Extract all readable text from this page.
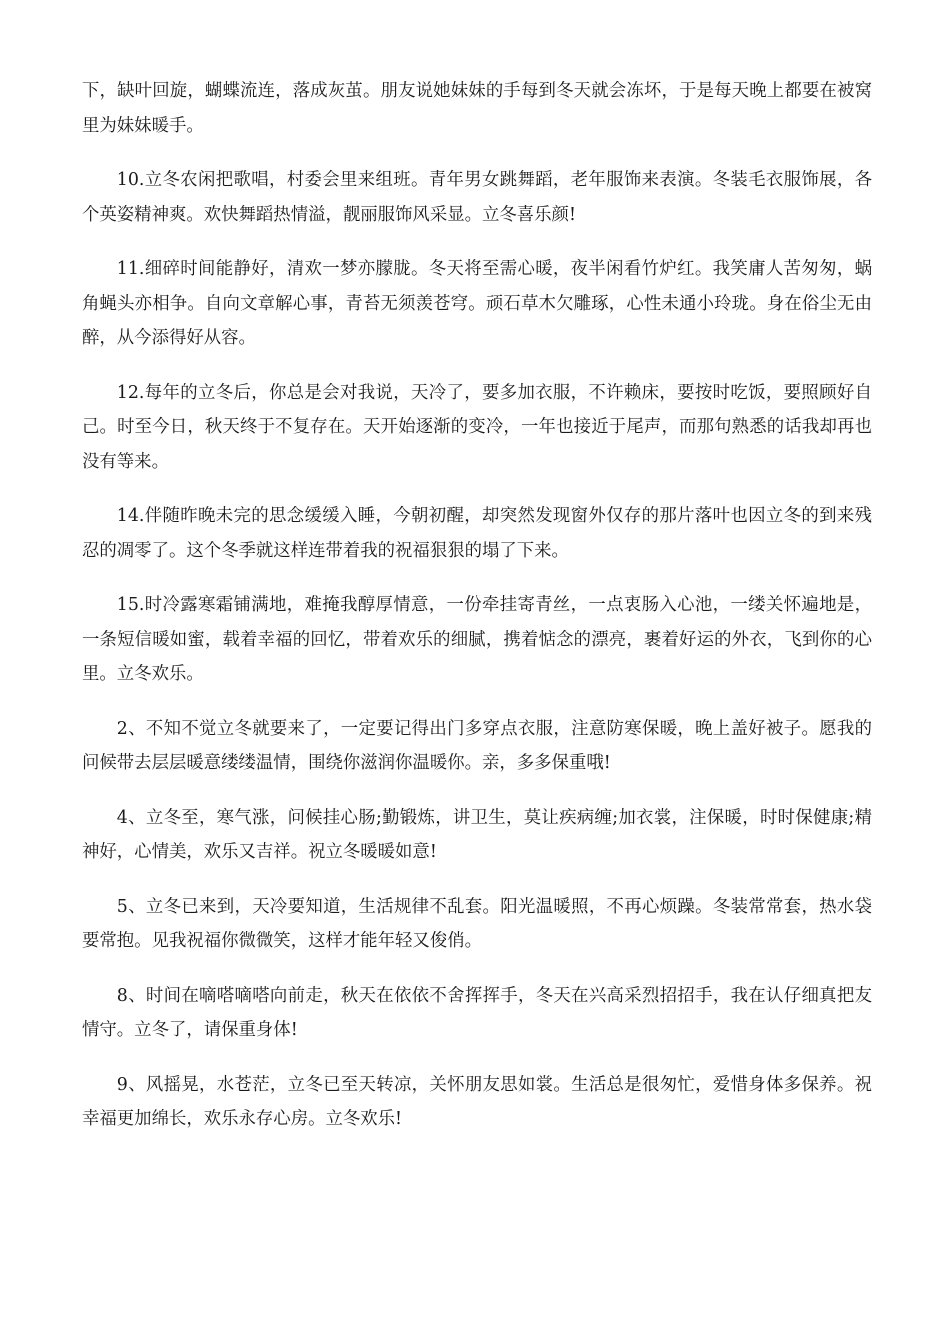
下，缺叶回旋，蝴蝶流连，落成灰茧。朋友说她妹妹的手每到冬天就会冻坏，于是每天晚上都要在被窝里为妹妹暖手。

10.立冬农闲把歌唱，村委会里来组班。青年男女跳舞蹈，老年服饰来表演。冬装毛衣服饰展，各个英姿精神爽。欢快舞蹈热情溢，靓丽服饰风采显。立冬喜乐颜!

11.细碎时间能静好，清欢一梦亦朦胧。冬天将至需心暖，夜半闲看竹炉红。我笑庸人苦匆匆，蜗角蝇头亦相争。自向文章解心事，青苔无须羡苍穹。顽石草木欠雕琢，心性未通小玲珑。身在俗尘无由醉，从今添得好从容。

12.每年的立冬后，你总是会对我说，天冷了，要多加衣服，不许赖床，要按时吃饭，要照顾好自己。时至今日，秋天终于不复存在。天开始逐渐的变冷，一年也接近于尾声，而那句熟悉的话我却再也没有等来。

14.伴随昨晚未完的思念缓缓入睡，今朝初醒，却突然发现窗外仅存的那片落叶也因立冬的到来残忍的凋零了。这个冬季就这样连带着我的祝福狠狠的塌了下来。

15.时冷露寒霜铺满地，难掩我醇厚情意，一份牵挂寄青丝，一点衷肠入心池，一缕关怀遍地是，一条短信暖如蜜，载着幸福的回忆，带着欢乐的细腻，携着惦念的漂亮，裹着好运的外衣，飞到你的心里。立冬欢乐。

2、不知不觉立冬就要来了，一定要记得出门多穿点衣服，注意防寒保暖，晚上盖好被子。愿我的问候带去层层暖意缕缕温情，围绕你滋润你温暖你。亲，多多保重哦!

4、立冬至，寒气涨，问候挂心肠;勤锻炼，讲卫生，莫让疾病缠;加衣裳，注保暖，时时保健康;精神好，心情美，欢乐又吉祥。祝立冬暖暖如意!

5、立冬已来到，天冷要知道，生活规律不乱套。阳光温暖照，不再心烦躁。冬装常常套，热水袋要常抱。见我祝福你微微笑，这样才能年轻又俊俏。

8、时间在嘀嗒嘀嗒向前走，秋天在依依不舍挥挥手，冬天在兴高采烈招招手，我在认仔细真把友情守。立冬了，请保重身体!

9、风摇晃，水苍茫，立冬已至天转凉，关怀朋友思如裳。生活总是很匆忙，爱惜身体多保养。祝幸福更加绵长，欢乐永存心房。立冬欢乐!
